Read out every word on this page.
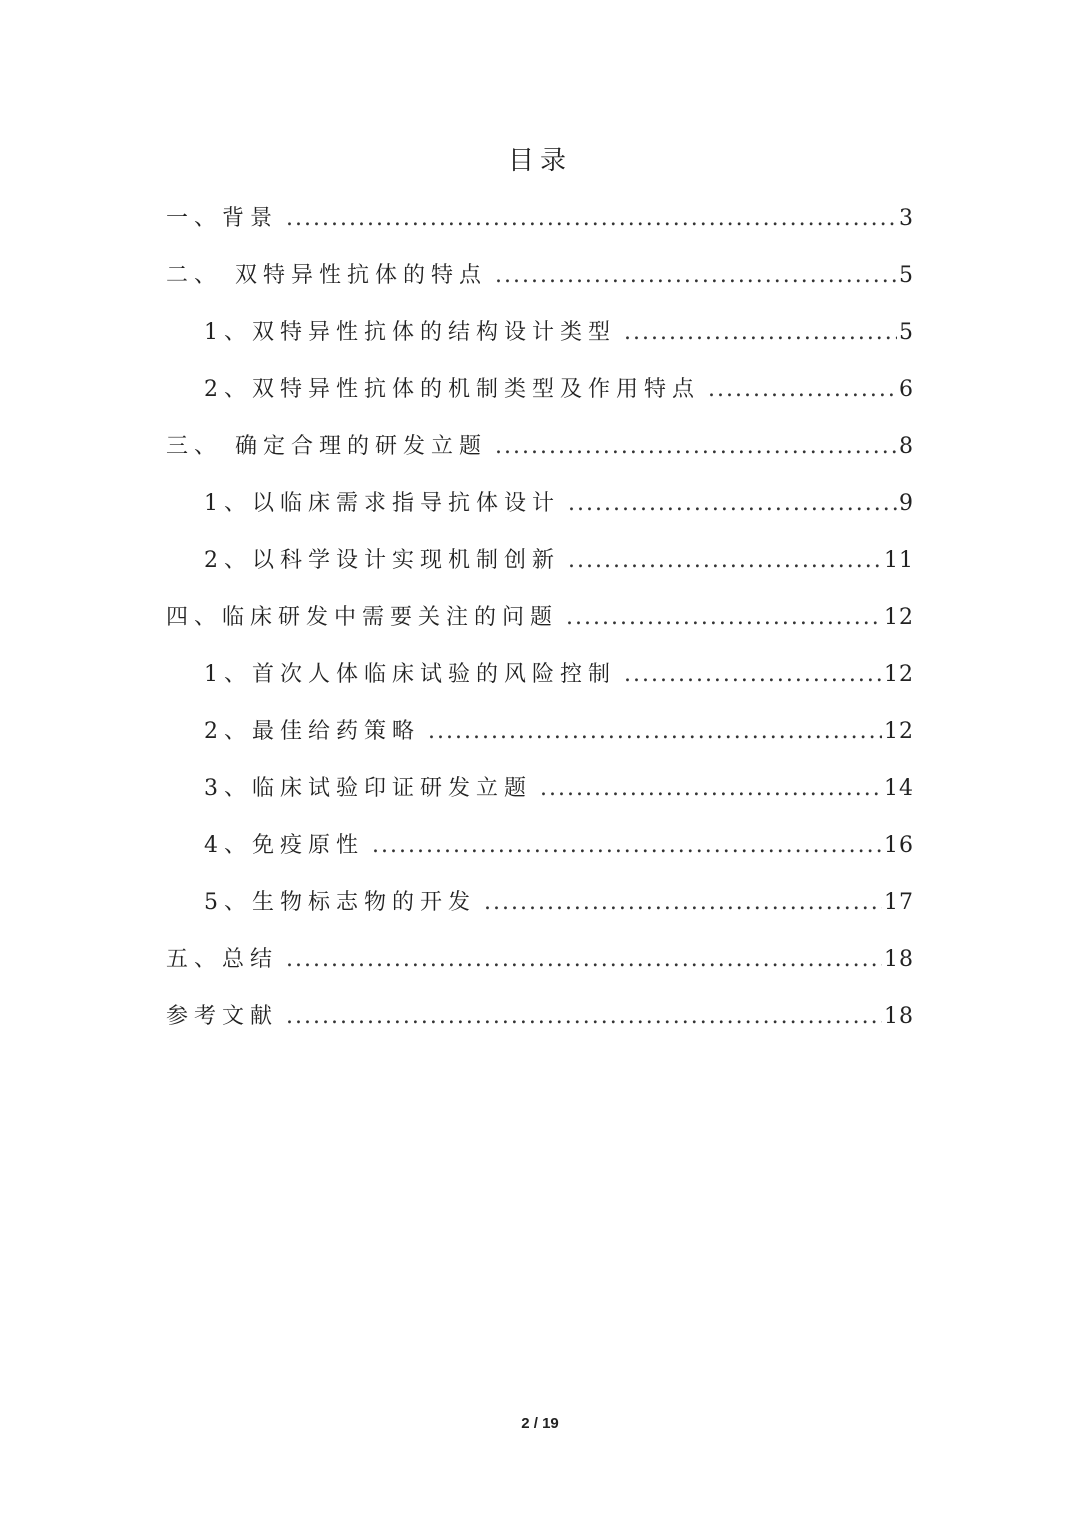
目录
一、背景 .....	3
二、 双特异性抗体的特点 .....	5
1、双特异性抗体的结构设计类型 .....	5
2、双特异性抗体的机制类型及作用特点 .....	6
三、 确定合理的研发立题 .....	8
1、以临床需求指导抗体设计 .....	9
2、以科学设计实现机制创新 .....	11
四、临床研发中需要关注的问题 .....	12
1、首次人体临床试验的风险控制 .....	12
2、最佳给药策略 .....	12
3、临床试验印证研发立题 .....	14
4、免疫原性 .....	16
5、生物标志物的开发 .....	17
五、总结 .....	18
参考文献 .....	18
2 / 19
